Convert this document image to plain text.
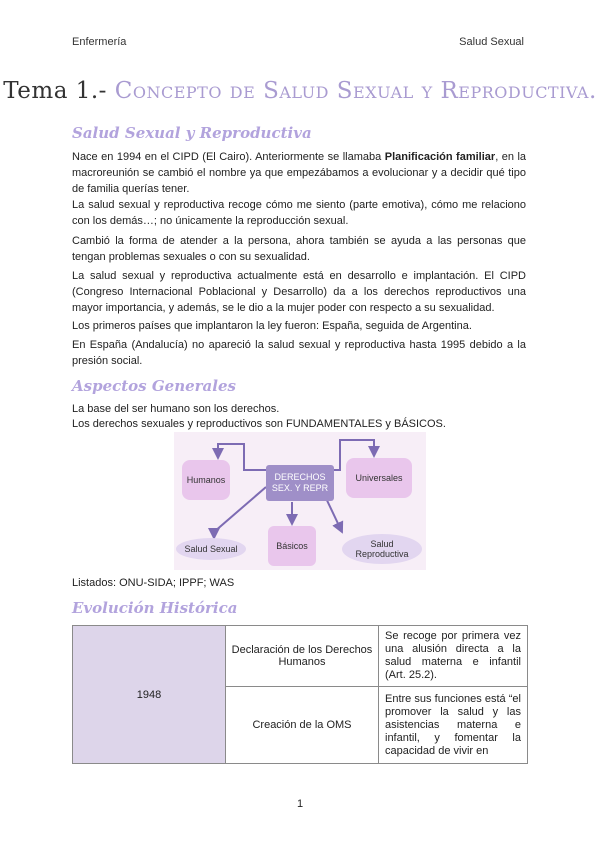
Enfermería	Salud Sexual
Tema 1.- Concepto de Salud Sexual y Reproductiva.
Salud Sexual y Reproductiva
Nace en 1994 en el CIPD (El Cairo). Anteriormente se llamaba Planificación familiar, en la macroreunión se cambió el nombre ya que empezábamos a evolucionar y a decidir qué tipo de familia querías tener.
La salud sexual y reproductiva recoge cómo me siento (parte emotiva), cómo me relaciono con los demás…; no únicamente la reproducción sexual.
Cambió la forma de atender a la persona, ahora también se ayuda a las personas que tengan problemas sexuales o con su sexualidad.
La salud sexual y reproductiva actualmente está en desarrollo e implantación. El CIPD (Congreso Internacional Poblacional y Desarrollo) da a los derechos reproductivos una mayor importancia, y además, se le dio a la mujer poder con respecto a su sexualidad.
Los primeros países que implantaron la ley fueron: España, seguida de Argentina.
En España (Andalucía) no apareció la salud sexual y reproductiva hasta 1995 debido a la presión social.
Aspectos Generales
La base del ser humano son los derechos.
Los derechos sexuales y reproductivos son FUNDAMENTALES y BÁSICOS.
DERECHOS
SEX. Y REPR
Humanos	Universales
Salud Sexual	Básicos	Salud
Reproductiva
Listados: ONU-SIDA; IPPF; WAS
Evolución Histórica
1948	Declaración de los Derechos Humanos	Se recoge por primera vez una alusión directa a la salud materna e infantil (Art. 25.2).
	Creación de la OMS	Entre sus funciones está “el promover la salud y las asistencias materna e infantil, y fomentar la capacidad de vivir en
1
